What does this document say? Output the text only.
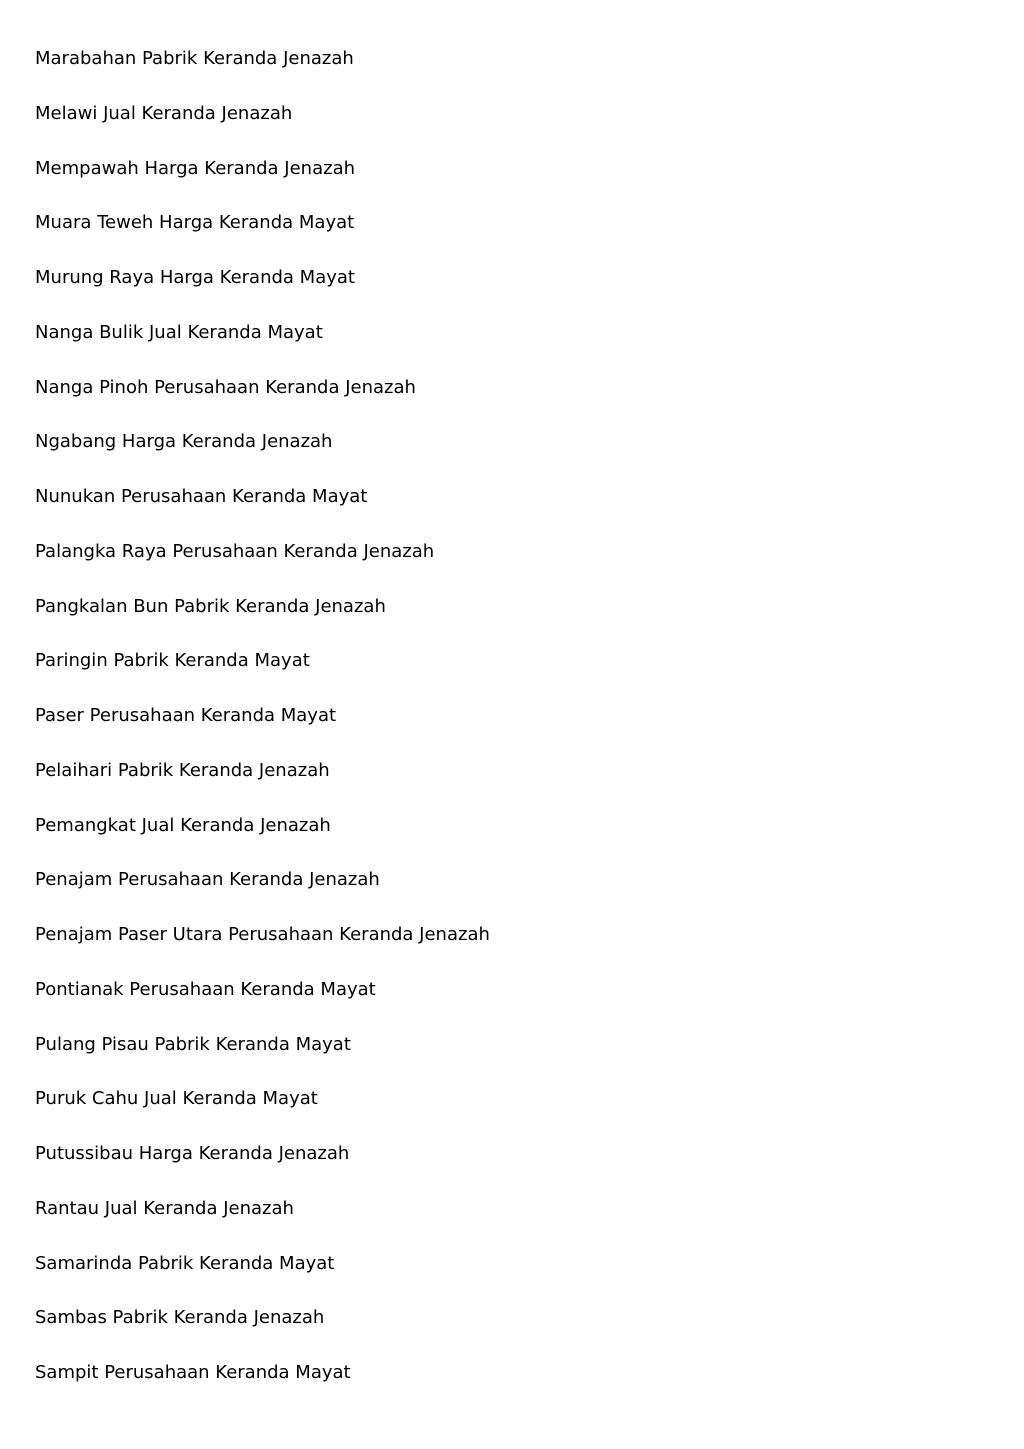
Marabahan Pabrik Keranda Jenazah
Melawi Jual Keranda Jenazah
Mempawah Harga Keranda Jenazah
Muara Teweh Harga Keranda Mayat
Murung Raya Harga Keranda Mayat
Nanga Bulik Jual Keranda Mayat
Nanga Pinoh Perusahaan Keranda Jenazah
Ngabang Harga Keranda Jenazah
Nunukan Perusahaan Keranda Mayat
Palangka Raya Perusahaan Keranda Jenazah
Pangkalan Bun Pabrik Keranda Jenazah
Paringin Pabrik Keranda Mayat
Paser Perusahaan Keranda Mayat
Pelaihari Pabrik Keranda Jenazah
Pemangkat Jual Keranda Jenazah
Penajam Perusahaan Keranda Jenazah
Penajam Paser Utara Perusahaan Keranda Jenazah
Pontianak Perusahaan Keranda Mayat
Pulang Pisau Pabrik Keranda Mayat
Puruk Cahu Jual Keranda Mayat
Putussibau Harga Keranda Jenazah
Rantau Jual Keranda Jenazah
Samarinda Pabrik Keranda Mayat
Sambas Pabrik Keranda Jenazah
Sampit Perusahaan Keranda Mayat
